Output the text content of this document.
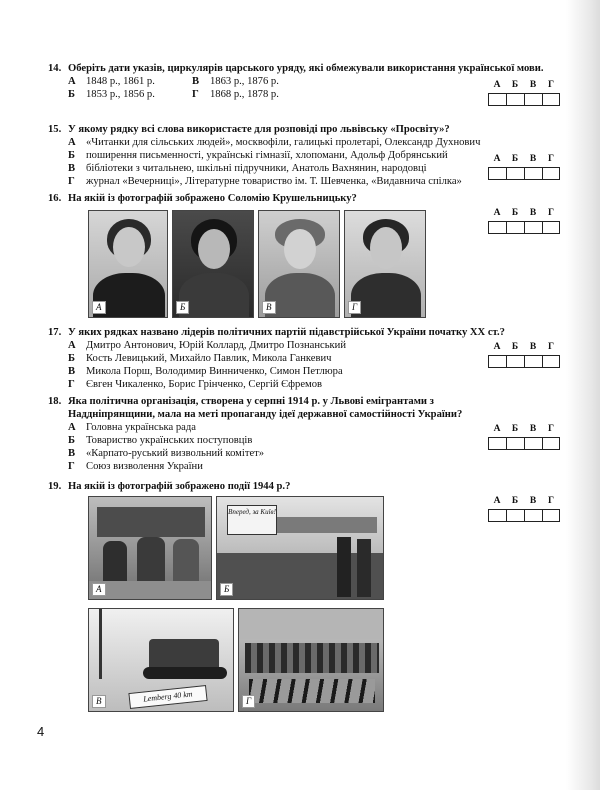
14. Оберіть дати указів, циркулярів царського уряду, які обмежували використання української мови.
А 1848 р., 1861 р.	В 1863 р., 1876 р.
Б 1853 р., 1856 р.	Г 1868 р., 1878 р.
А	Б	В	Г
15. У якому рядку всі слова використаєте для розповіді про львівську «Просвіту»?
А «Читанки для сільських людей», москвофіли, галицькі пролетарі, Олександр Духнович
Б поширення письменності, українські гімназії, хлопомани, Адольф Добрянський
В бібліотеки з читальнею, шкільні підручники, Анатоль Вахнянин, народовці
Г журнал «Вечерниці», Літературне товариство ім. Т. Шевченка, «Видавнича спілка»
А	Б	В	Г
16. На якій із фотографій зображено Соломію Крушельницьку?
А	Б	В	Г
А	Б	В	Г
17. У яких рядках названо лідерів політичних партій підавстрійської України початку ХХ ст.?
А Дмитро Антонович, Юрій Коллард, Дмитро Познанський
Б Кость Левицький, Михайло Павлик, Микола Ганкевич
В Микола Порш, Володимир Винниченко, Симон Петлюра
Г Євген Чикаленко, Борис Грінченко, Сергій Єфремов
А	Б	В	Г
18. Яка політична організація, створена у серпні 1914 р. у Львові емігрантами з Наддніпрянщини, мала на меті пропаганду ідеї державної самостійності України?
А Головна українська рада
Б Товариство українських поступовців
В «Карпато-руський визвольний комітет»
Г Союз визволення України
А	Б	В	Г
19. На якій із фотографій зображено події 1944 р.?
А	Б	В	Г
А
Вперед, за Київ!
Б
Lemberg 40 km
В	Г
4
